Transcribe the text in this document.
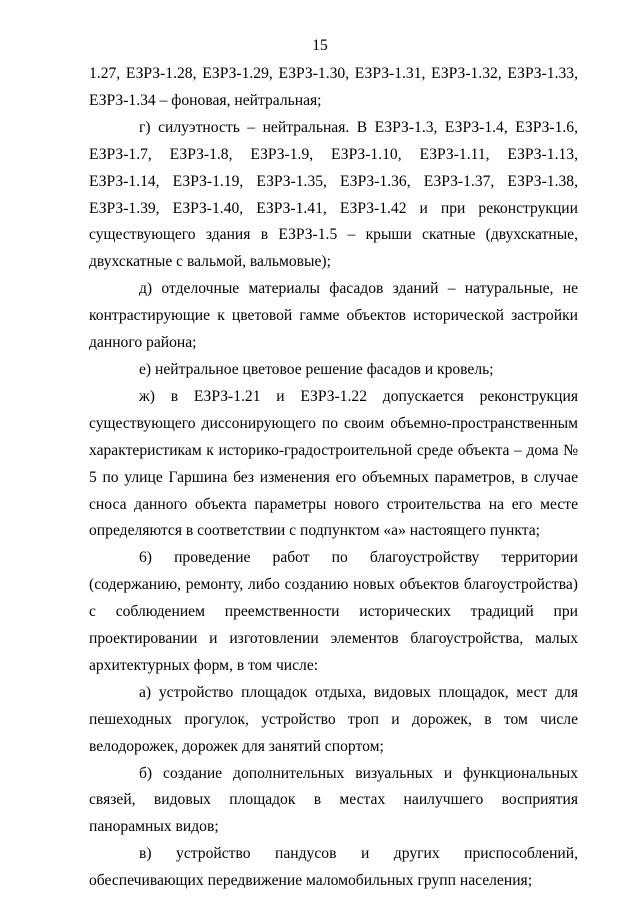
15

1.27, ЕЗРЗ-1.28, ЕЗРЗ-1.29, ЕЗРЗ-1.30, ЕЗРЗ-1.31, ЕЗРЗ-1.32, ЕЗРЗ-1.33, ЕЗРЗ-1.34 – фоновая, нейтральная;

г) силуэтность – нейтральная. В ЕЗРЗ-1.3, ЕЗРЗ-1.4, ЕЗРЗ-1.6, ЕЗРЗ-1.7, ЕЗРЗ-1.8, ЕЗРЗ-1.9, ЕЗРЗ-1.10, ЕЗРЗ-1.11, ЕЗРЗ-1.13, ЕЗРЗ-1.14, ЕЗРЗ-1.19, ЕЗРЗ-1.35, ЕЗРЗ-1.36, ЕЗРЗ-1.37, ЕЗРЗ-1.38, ЕЗРЗ-1.39, ЕЗРЗ-1.40, ЕЗРЗ-1.41, ЕЗРЗ-1.42 и при реконструкции существующего здания в ЕЗРЗ-1.5 – крыши скатные (двухскатные, двухскатные с вальмой, вальмовые);

д) отделочные материалы фасадов зданий – натуральные, не контрастирующие к цветовой гамме объектов исторической застройки данного района;

е) нейтральное цветовое решение фасадов и кровель;

ж) в ЕЗРЗ-1.21 и ЕЗРЗ-1.22 допускается реконструкция существующего диссонирующего по своим объемно-пространственным характеристикам к историко-градостроительной среде объекта – дома № 5 по улице Гаршина без изменения его объемных параметров, в случае сноса данного объекта параметры нового строительства на его месте определяются в соответствии с подпунктом «а» настоящего пункта;

6) проведение работ по благоустройству территории (содержанию, ремонту, либо созданию новых объектов благоустройства) с соблюдением преемственности исторических традиций при проектировании и изготовлении элементов благоустройства, малых архитектурных форм, в том числе:

а) устройство площадок отдыха, видовых площадок, мест для пешеходных прогулок, устройство троп и дорожек, в том числе велодорожек, дорожек для занятий спортом;

б) создание дополнительных визуальных и функциональных связей, видовых площадок в местах наилучшего восприятия панорамных видов;

в) устройство пандусов и других приспособлений, обеспечивающих передвижение маломобильных групп населения;
